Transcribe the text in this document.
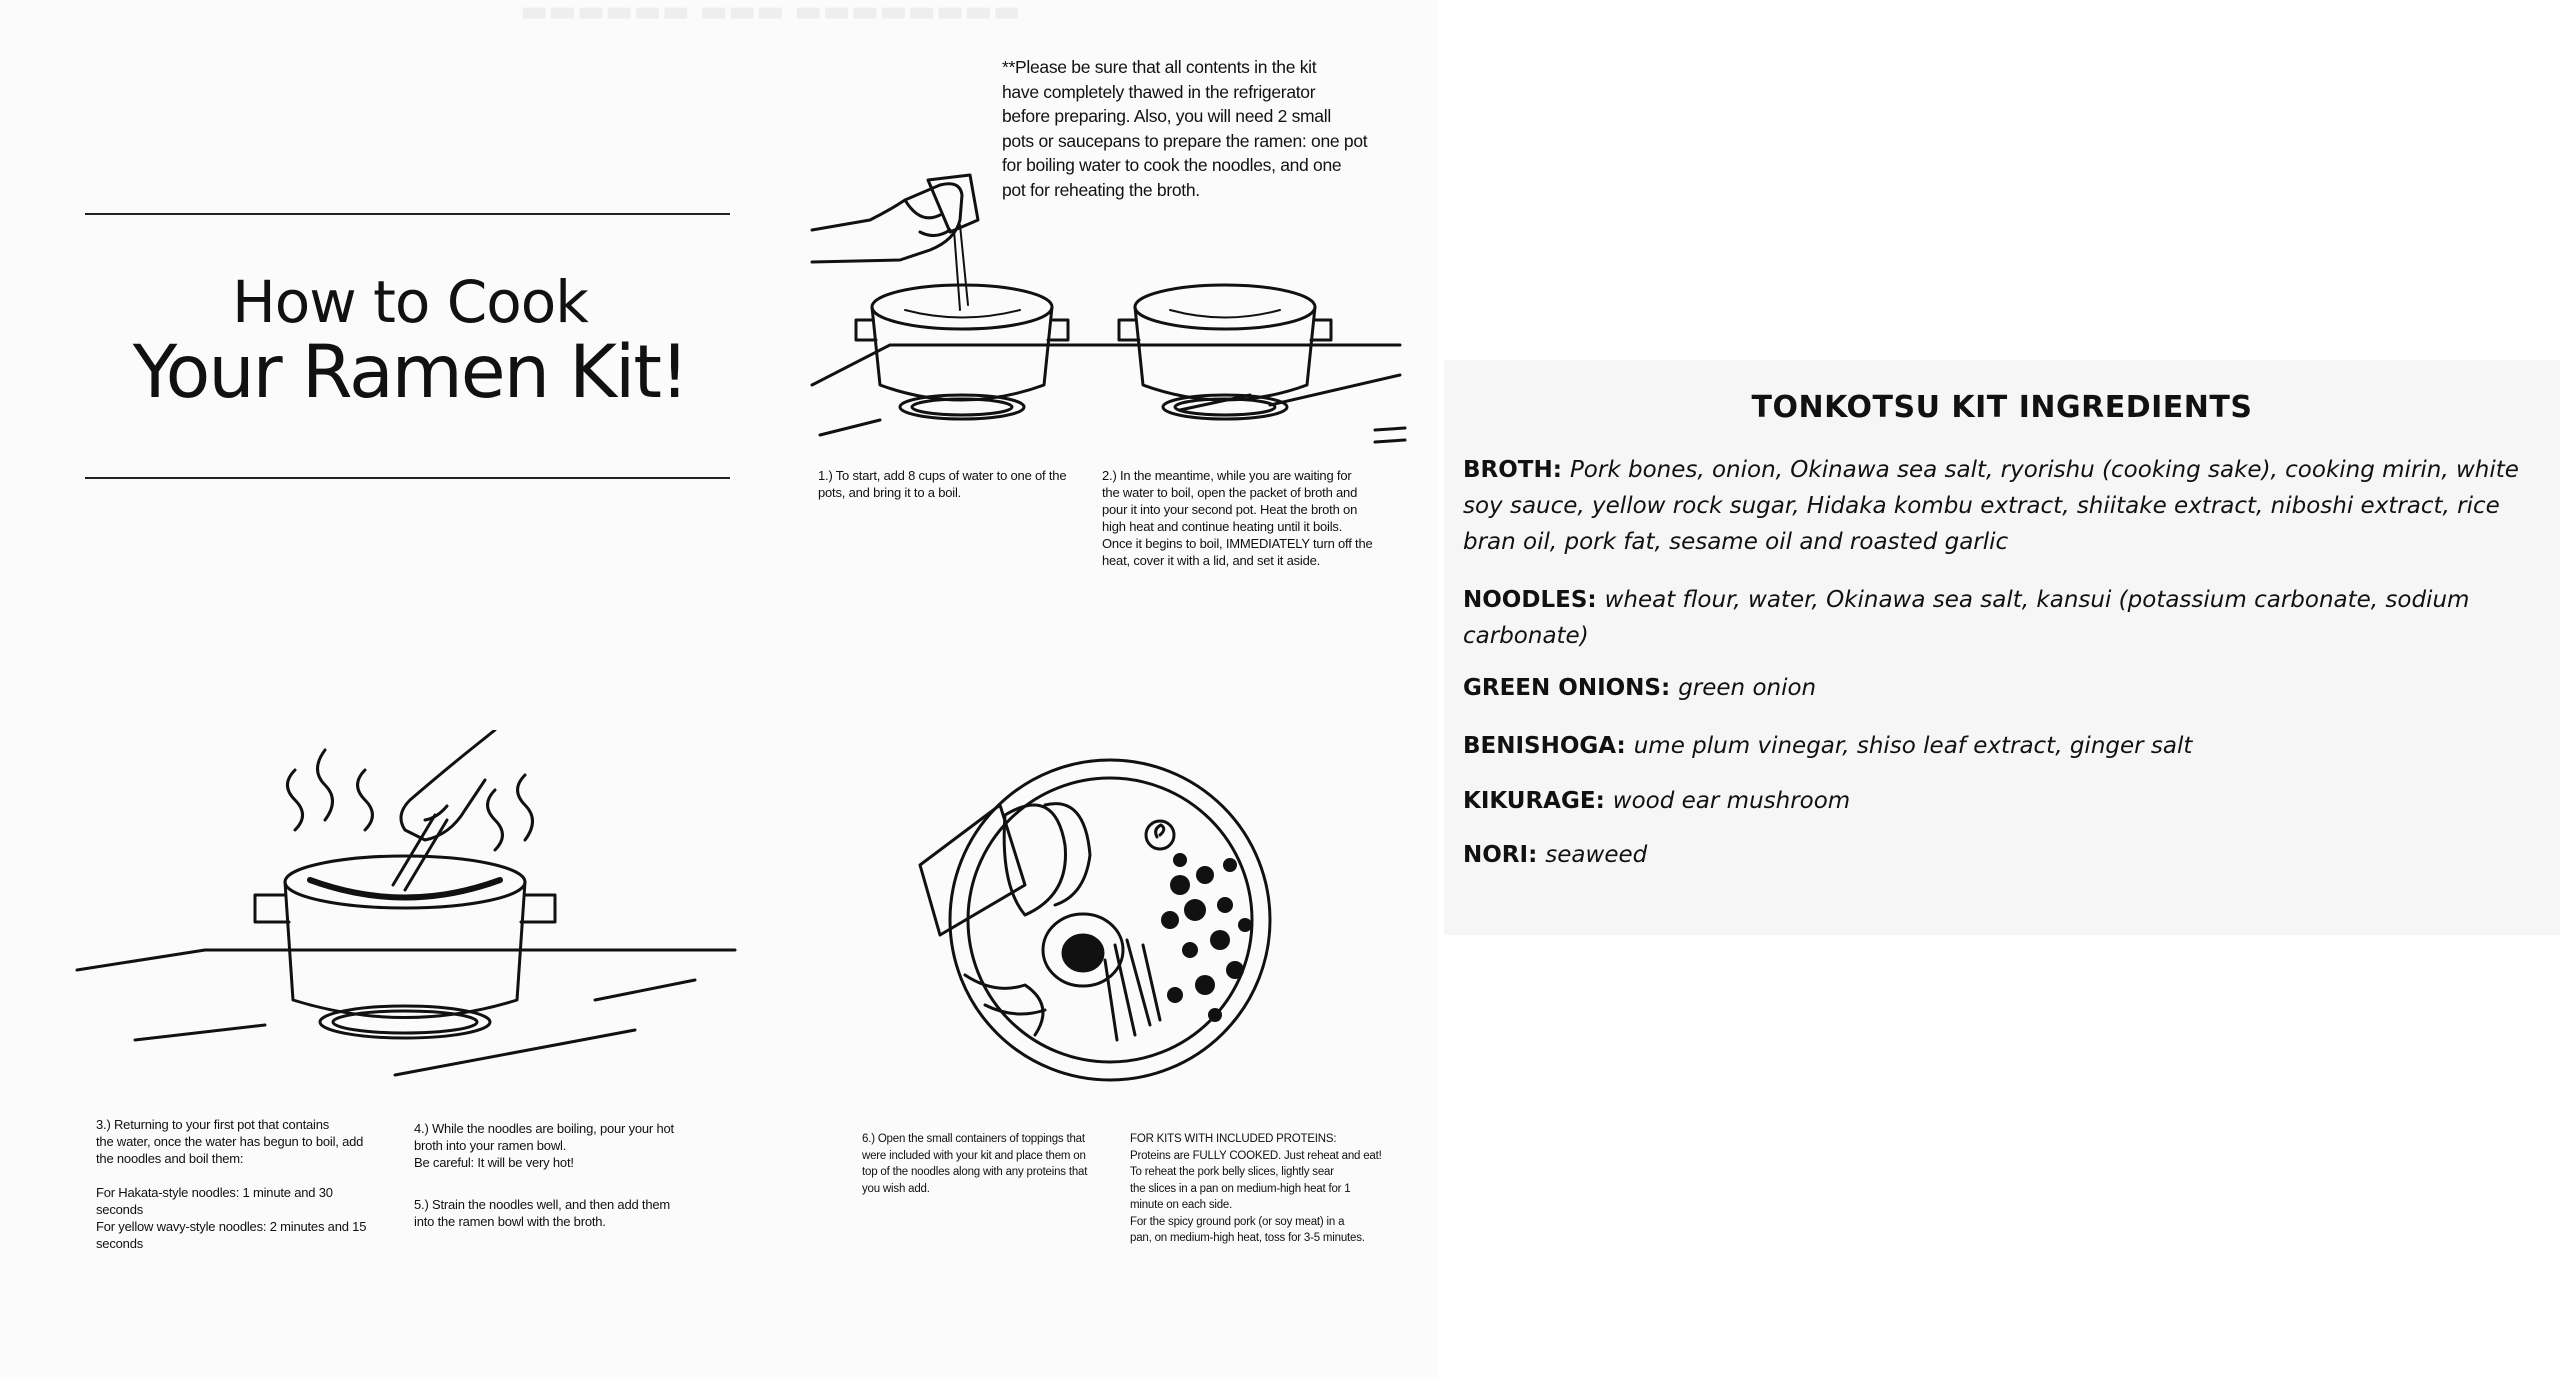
▬▬▬▬▬▬ ▬▬▬ ▬▬▬▬▬▬▬▬
How to Cook
Your Ramen Kit!
**Please be sure that all contents in the kit
have completely thawed in the refrigerator
before preparing. Also, you will need 2 small
pots or saucepans to prepare the ramen: one pot
for boiling water to cook the noodles, and one
pot for reheating the broth.
1.) To start, add 8 cups of water to one of the
pots, and bring it to a boil.
2.) In the meantime, while you are waiting for
the water to boil, open the packet of broth and
pour it into your second pot. Heat the broth on
high heat and continue heating until it boils.
Once it begins to boil, IMMEDIATELY turn off the
heat, cover it with a lid, and set it aside.
3.) Returning to your first pot that contains
the water, once the water has begun to boil, add
the noodles and boil them:

For Hakata-style noodles: 1 minute and 30
seconds
For yellow wavy-style noodles: 2 minutes and 15
seconds
4.) While the noodles are boiling, pour your hot
broth into your ramen bowl.
Be careful: It will be very hot!
5.) Strain the noodles well, and then add them
into the ramen bowl with the broth.
6.) Open the small containers of toppings that
were included with your kit and place them on
top of the noodles along with any proteins that
you wish add.
FOR KITS WITH INCLUDED PROTEINS:
Proteins are FULLY COOKED. Just reheat and eat!
To reheat the pork belly slices, lightly sear
the slices in a pan on medium-high heat for 1
minute on each side.
For the spicy ground pork (or soy meat) in a
pan, on medium-high heat, toss for 3-5 minutes.
TONKOTSU KIT INGREDIENTS
BROTH: Pork bones, onion, Okinawa sea salt, ryorishu (cooking sake), cooking mirin, white soy sauce, yellow rock sugar, Hidaka kombu extract, shiitake extract, niboshi extract, rice bran oil, pork fat, sesame oil and roasted garlic
NOODLES: wheat flour, water, Okinawa sea salt, kansui (potassium carbonate, sodium carbonate)
GREEN ONIONS: green onion
BENISHOGA: ume plum vinegar, shiso leaf extract, ginger salt
KIKURAGE: wood ear mushroom
NORI: seaweed
